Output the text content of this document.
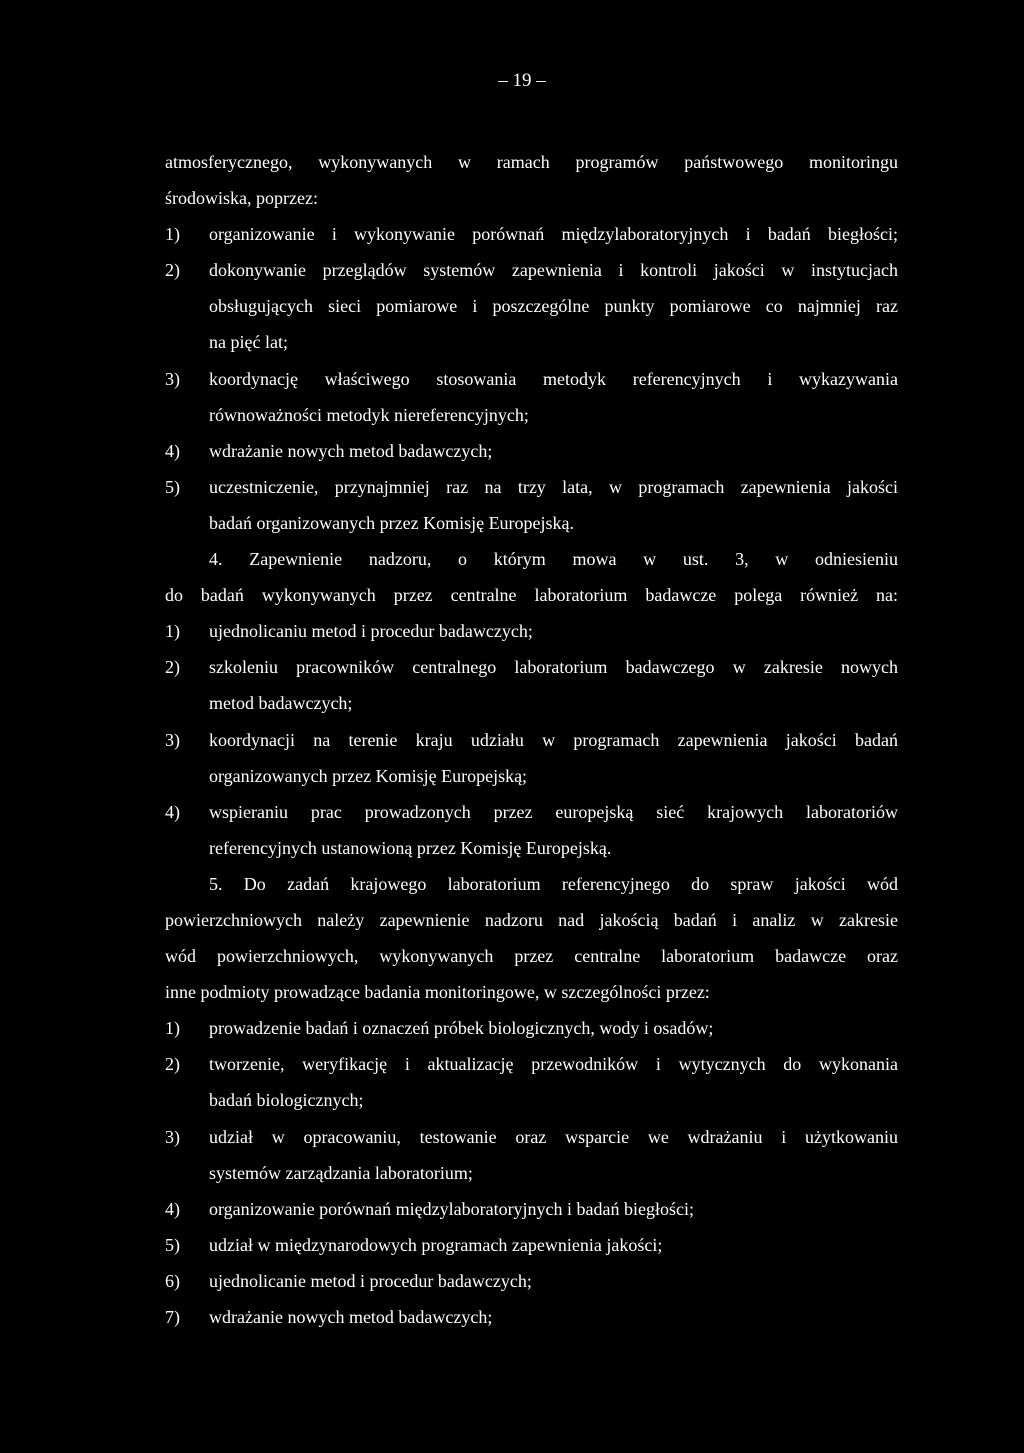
– 19 –
atmosferycznego, wykonywanych w ramach programów państwowego monitoringu
środowiska, poprzez:
1)	organizowanie i wykonywanie porównań międzylaboratoryjnych i badań biegłości;
2)	dokonywanie przeglądów systemów zapewnienia i kontroli jakości w instytucjach
obsługujących sieci pomiarowe i poszczególne punkty pomiarowe co najmniej raz
na pięć lat;
3)	koordynację właściwego stosowania metodyk referencyjnych i wykazywania
równoważności metodyk niereferencyjnych;
4)	wdrażanie nowych metod badawczych;
5)	uczestniczenie, przynajmniej raz na trzy lata, w programach zapewnienia jakości
badań organizowanych przez Komisję Europejską.
4. Zapewnienie nadzoru, o którym mowa w ust. 3, w odniesieniu
do badań wykonywanych przez centralne laboratorium badawcze polega również na:
1)	ujednolicaniu metod i procedur badawczych;
2)	szkoleniu pracowników centralnego laboratorium badawczego w zakresie nowych
metod badawczych;
3)	koordynacji na terenie kraju udziału w programach zapewnienia jakości badań
organizowanych przez Komisję Europejską;
4)	wspieraniu prac prowadzonych przez europejską sieć krajowych laboratoriów
referencyjnych ustanowioną przez Komisję Europejską.
5. Do zadań krajowego laboratorium referencyjnego do spraw jakości wód
powierzchniowych należy zapewnienie nadzoru nad jakością badań i analiz w zakresie
wód powierzchniowych, wykonywanych przez centralne laboratorium badawcze oraz
inne podmioty prowadzące badania monitoringowe, w szczególności przez:
1)	prowadzenie badań i oznaczeń próbek biologicznych, wody i osadów;
2)	tworzenie, weryfikację i aktualizację przewodników i wytycznych do wykonania
badań biologicznych;
3)	udział w opracowaniu, testowanie oraz wsparcie we wdrażaniu i użytkowaniu
systemów zarządzania laboratorium;
4)	organizowanie porównań międzylaboratoryjnych i badań biegłości;
5)	udział w międzynarodowych programach zapewnienia jakości;
6)	ujednolicanie metod i procedur badawczych;
7)	wdrażanie nowych metod badawczych;
